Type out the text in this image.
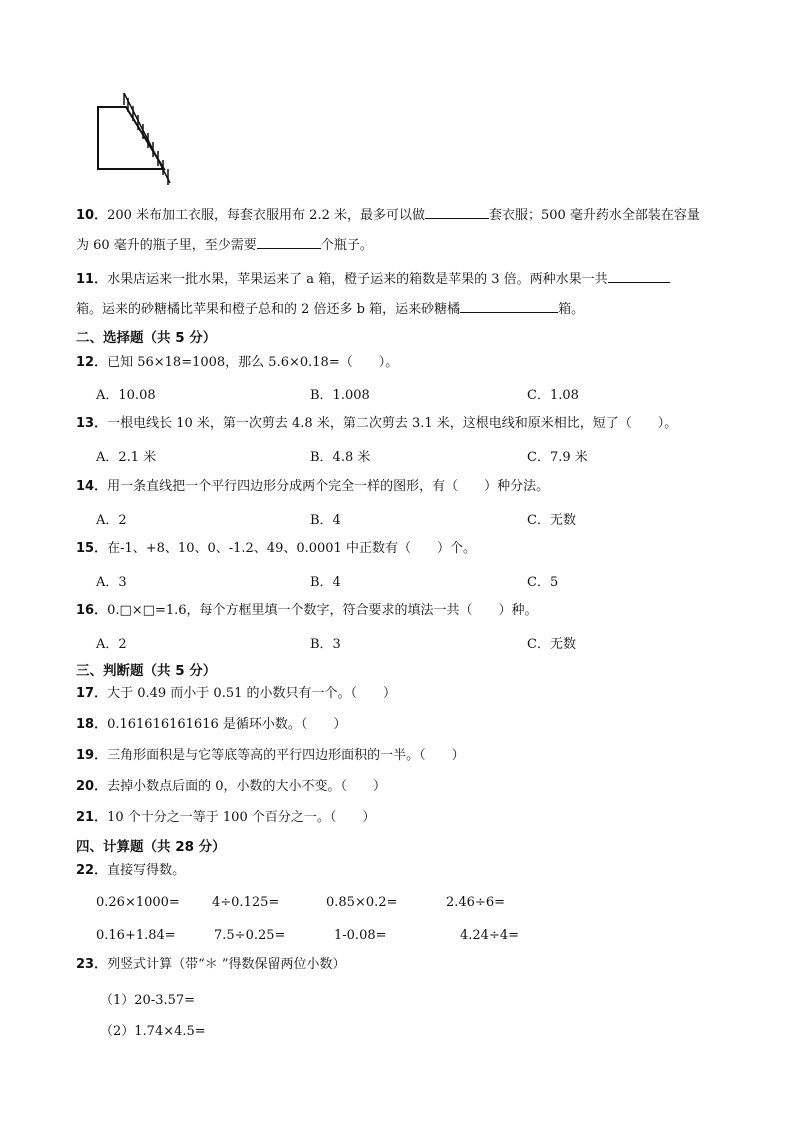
10．200 米布加工衣服，每套衣服用布 2.2 米，最多可以做	套衣服；500 毫升药水全部装在容量
为 60 毫升的瓶子里，至少需要	个瓶子。
11．水果店运来一批水果，苹果运来了 a 箱，橙子运来的箱数是苹果的 3 倍。两种水果一共
箱。运来的砂糖橘比苹果和橙子总和的 2 倍还多 b 箱，运来砂糖橘	箱。
二、选择题（共 5 分）
12．已知 56×18=1008，那么 5.6×0.18=（　　）。
A．10.08	B．1.008	C．1.08
13．一根电线长 10 米，第一次剪去 4.8 米，第二次剪去 3.1 米，这根电线和原米相比，短了（　　）。
A．2.1 米	B．4.8 米	C．7.9 米
14．用一条直线把一个平行四边形分成两个完全一样的图形，有（　　）种分法。
A．2	B．4	C．无数
15．在-1、+8、10、0、-1.2、49、0.0001 中正数有（　　）个。
A．3	B．4	C．5
16．0.□×□=1.6，每个方框里填一个数字，符合要求的填法一共（　　）种。
A．2	B．3	C．无数
三、判断题（共 5 分）
17．大于 0.49 而小于 0.51 的小数只有一个。（　　）
18．0.161616161616 是循环小数。（　　）
19．三角形面积是与它等底等高的平行四边形面积的一半。（　　）
20．去掉小数点后面的 0，小数的大小不变。（　　）
21．10 个十分之一等于 100 个百分之一。（　　）
四、计算题（共 28 分）
22．直接写得数。
0.26×1000= 4÷0.125=	0.85×0.2=	2.46÷6=
0.16+1.84=	7.5÷0.25=	1-0.08=	4.24÷4=
23．列竖式计算（带“＊ ”得数保留两位小数）
（1）20-3.57=
（2）1.74×4.5=
